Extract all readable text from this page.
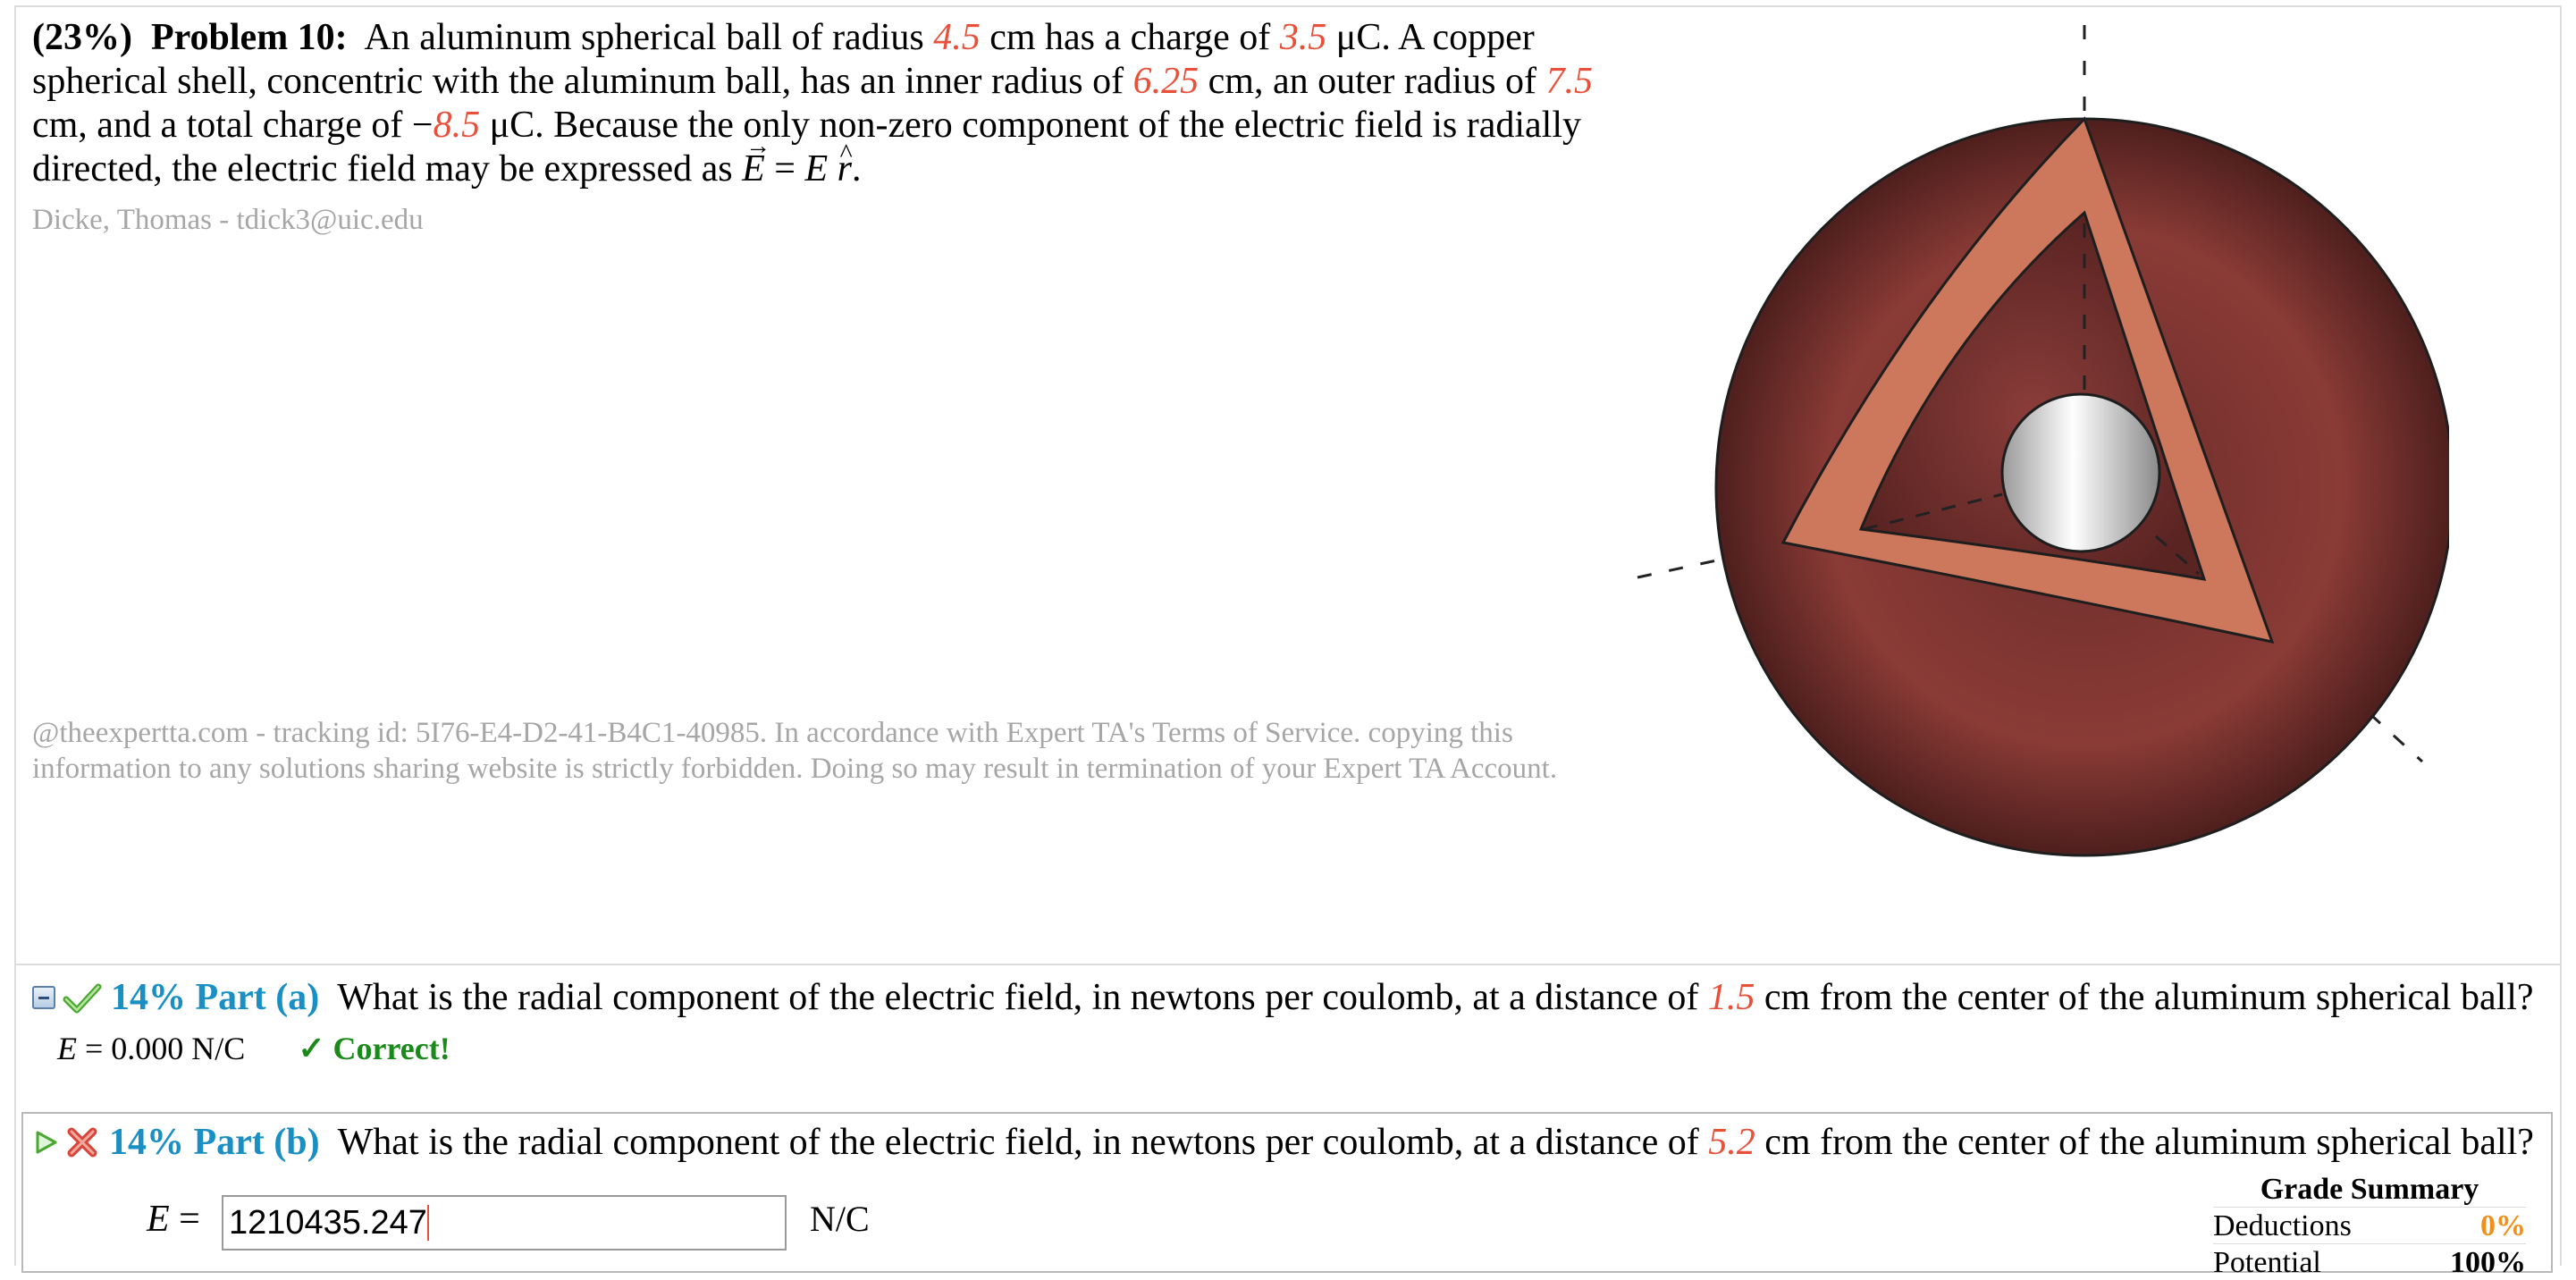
(23%) Problem 10: An aluminum spherical ball of radius 4.5 cm has a charge of 3.5 μC. A copper spherical shell, concentric with the aluminum ball, has an inner radius of 6.25 cm, an outer radius of 7.5 cm, and a total charge of −8.5 μC. Because the only non-zero component of the electric field is radially directed, the electric field may be expressed as → E = E ^ r.
Dicke, Thomas - tdick3@uic.edu
@theexpertta.com - tracking id: 5I76-E4-D2-41-B4C1-40985. In accordance with Expert TA's Terms of Service. copying this information to any solutions sharing website is strictly forbidden. Doing so may result in termination of your Expert TA Account.
14% Part (a) What is the radial component of the electric field, in newtons per coulomb, at a distance of
1.5
cm from the center of the aluminum spherical ball?
E = 0.000 N/C ✓ Correct!
14% Part (b) What is the radial component of the electric field, in newtons per coulomb, at a distance of
5.2
cm from the center of the aluminum spherical ball?
E =
1210435.247	N/C
Grade Summary
Deductions	0%
Potential	100%
